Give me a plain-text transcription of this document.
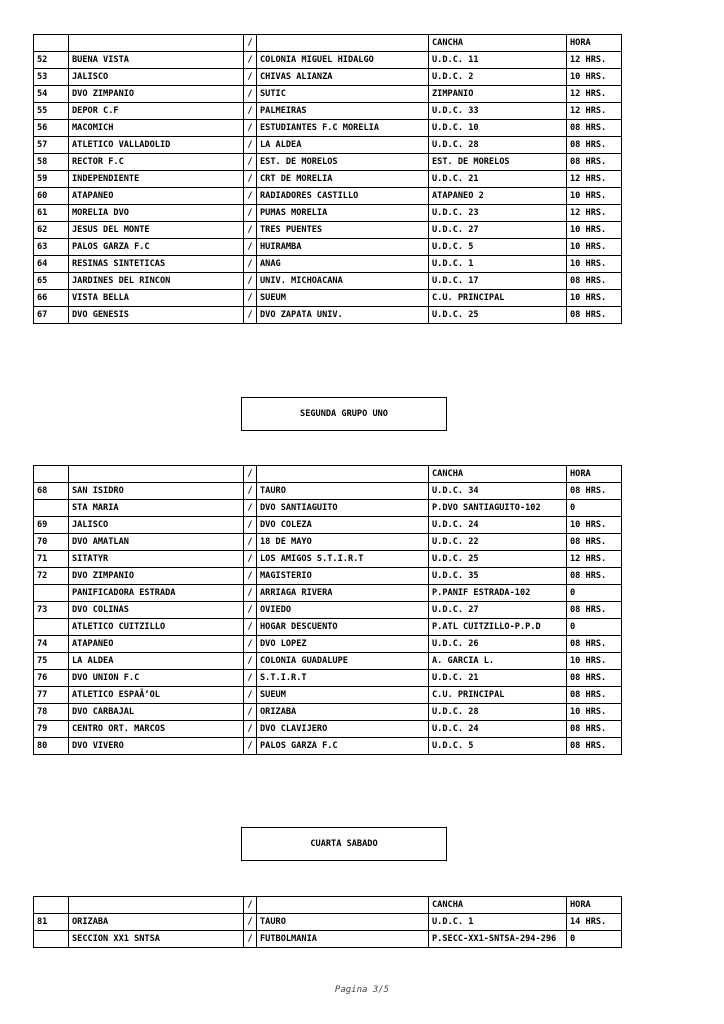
		/		CANCHA	HORA
52	BUENA VISTA	/	COLONIA MIGUEL HIDALGO	U.D.C. 11	12 HRS.
53	JALISCO	/	CHIVAS ALIANZA	U.D.C. 2	10 HRS.
54	DVO ZIMPANIO	/	SUTIC	ZIMPANIO	12 HRS.
55	DEPOR C.F	/	PALMEIRAS	U.D.C. 33	12 HRS.
56	MACOMICH	/	ESTUDIANTES F.C MORELIA	U.D.C. 10	08 HRS.
57	ATLETICO VALLADOLID	/	LA ALDEA	U.D.C. 28	08 HRS.
58	RECTOR F.C	/	EST. DE MORELOS	EST. DE MORELOS	08 HRS.
59	INDEPENDIENTE	/	CRT DE MORELIA	U.D.C. 21	12 HRS.
60	ATAPANEO	/	RADIADORES CASTILLO	ATAPANEO 2	10 HRS.
61	MORELIA DVO	/	PUMAS MORELIA	U.D.C. 23	12 HRS.
62	JESUS DEL MONTE	/	TRES PUENTES	U.D.C. 27	10 HRS.
63	PALOS GARZA F.C	/	HUIRAMBA	U.D.C. 5	10 HRS.
64	RESINAS SINTETICAS	/	ANAG	U.D.C. 1	10 HRS.
65	JARDINES DEL RINCON	/	UNIV. MICHOACANA	U.D.C. 17	08 HRS.
66	VISTA BELLA	/	SUEUM	C.U. PRINCIPAL	10 HRS.
67	DVO GENESIS	/	DVO ZAPATA UNIV.	U.D.C. 25	08 HRS.
SEGUNDA GRUPO UNO
		/		CANCHA	HORA
68	SAN ISIDRO	/	TAURO	U.D.C. 34	08 HRS.
	STA MARIA	/	DVO SANTIAGUITO	P.DVO SANTIAGUITO-102	0
69	JALISCO	/	DVO COLEZA	U.D.C. 24	10 HRS.
70	DVO AMATLAN	/	18 DE MAYO	U.D.C. 22	08 HRS.
71	SITATYR	/	LOS AMIGOS S.T.I.R.T	U.D.C. 25	12 HRS.
72	DVO ZIMPANIO	/	MAGISTERIO	U.D.C. 35	08 HRS.
	PANIFICADORA ESTRADA	/	ARRIAGA RIVERA	P.PANIF ESTRADA-102	0
73	DVO COLINAS	/	OVIEDO	U.D.C. 27	08 HRS.
	ATLETICO CUITZILLO	/	HOGAR DESCUENTO	P.ATL CUITZILLO-P.P.D	0
74	ATAPANEO	/	DVO LOPEZ	U.D.C. 26	08 HRS.
75	LA ALDEA	/	COLONIA GUADALUPE	A. GARCIA L.	10 HRS.
76	DVO UNION F.C	/	S.T.I.R.T	U.D.C. 21	08 HRS.
77	ATLETICO ESPAÃ‘OL	/	SUEUM	C.U. PRINCIPAL	08 HRS.
78	DVO CARBAJAL	/	ORIZABA	U.D.C. 28	10 HRS.
79	CENTRO ORT. MARCOS	/	DVO CLAVIJERO	U.D.C. 24	08 HRS.
80	DVO VIVERO	/	PALOS GARZA F.C	U.D.C. 5	08 HRS.
CUARTA SABADO
		/		CANCHA	HORA
81	ORIZABA	/	TAURO	U.D.C. 1	14 HRS.
	SECCION XX1 SNTSA	/	FUTBOLMANIA	P.SECC-XX1-SNTSA-294-296	0
Pagina 3/5
